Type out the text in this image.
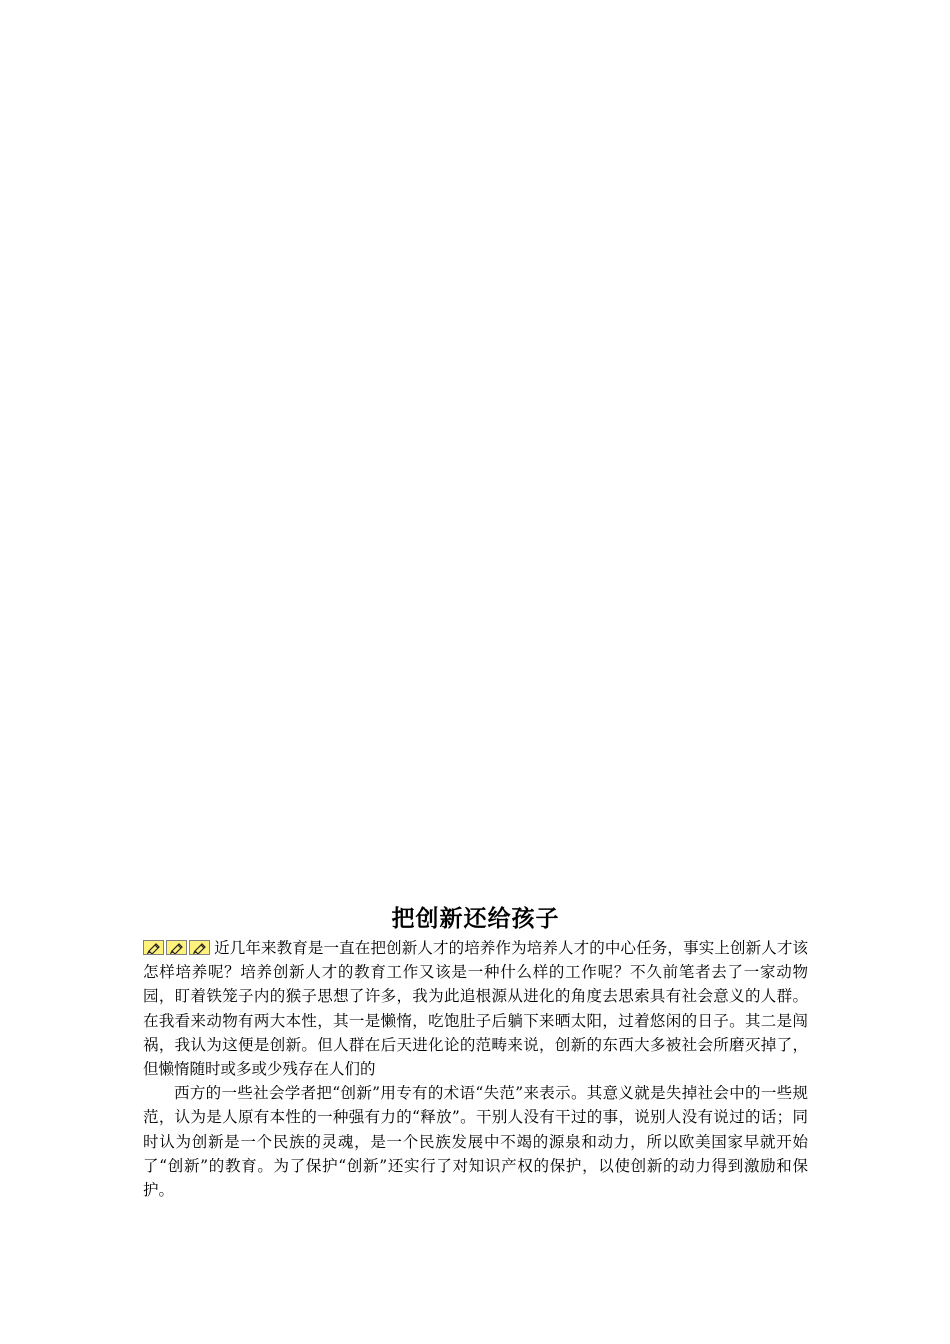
把创新还给孩子

近几年来教育是一直在把创新人才的培养作为培养人才的中心任务，事实上创新人才该怎样培养呢？培养创新人才的教育工作又该是一种什么样的工作呢？不久前笔者去了一家动物园，盯着铁笼子内的猴子思想了许多，我为此追根源从进化的角度去思索具有社会意义的人群。在我看来动物有两大本性，其一是懒惰，吃饱肚子后躺下来晒太阳，过着悠闲的日子。其二是闯祸，我认为这便是创新。但人群在后天进化论的范畴来说，创新的东西大多被社会所磨灭掉了，但懒惰随时或多或少残存在人们的

西方的一些社会学者把“创新”用专有的术语“失范”来表示。其意义就是失掉社会中的一些规范，认为是人原有本性的一种强有力的“释放”。干别人没有干过的事，说别人没有说过的话；同时认为创新是一个民族的灵魂，是一个民族发展中不竭的源泉和动力，所以欧美国家早就开始了“创新”的教育。为了保护“创新”还实行了对知识产权的保护，以使创新的动力得到激励和保护。
